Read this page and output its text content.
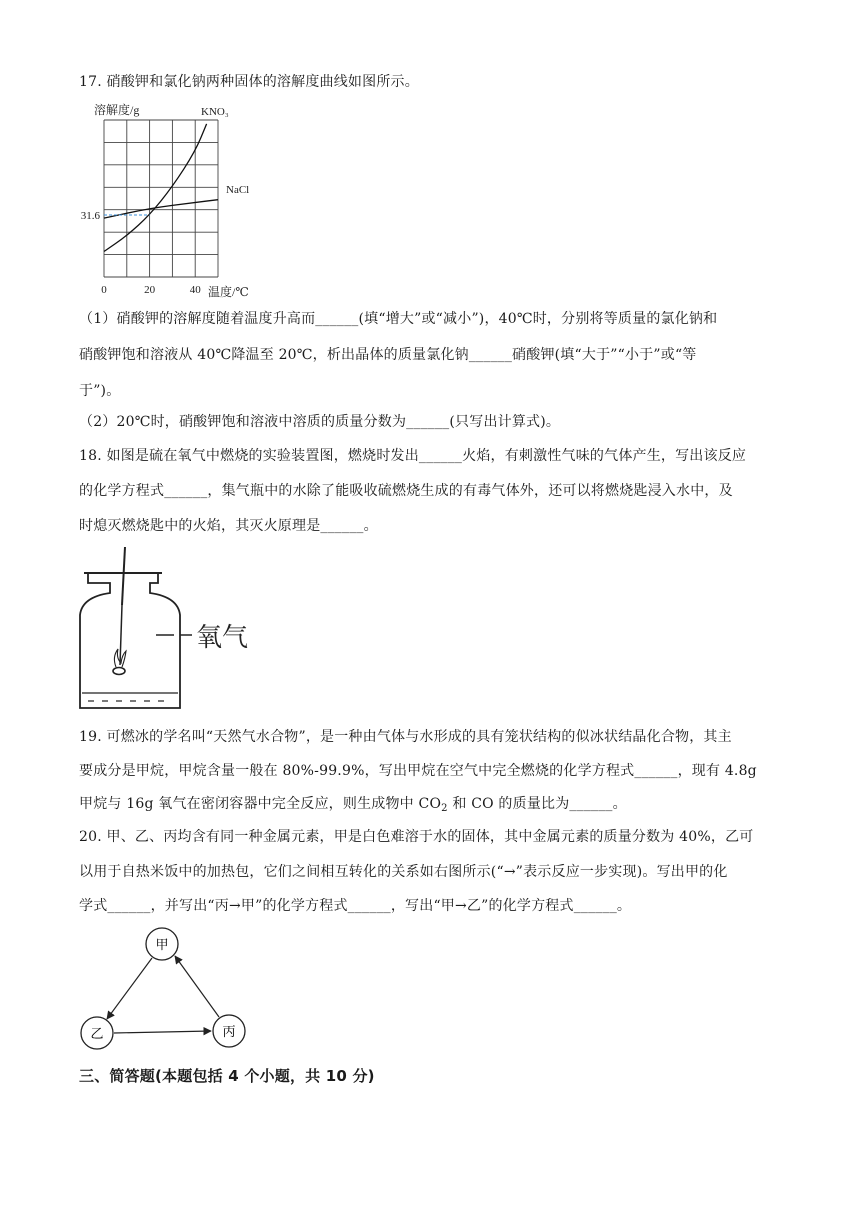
17. 硝酸钾和氯化钠两种固体的溶解度曲线如图所示。
溶解度/g	KNO₃
NaCl
31.6
0	20	40 温度/℃
（1）硝酸钾的溶解度随着温度升高而______(填“增大”或“减小”)，40℃时，分别将等质量的氯化钠和
硝酸钾饱和溶液从 40℃降温至 20℃，析出晶体的质量氯化钠______硝酸钾(填“大于”“小于”或“等
于”)。
（2）20℃时，硝酸钾饱和溶液中溶质的质量分数为______(只写出计算式)。
18. 如图是硫在氧气中燃烧的实验装置图，燃烧时发出______火焰，有刺激性气味的气体产生，写出该反应
的化学方程式______，集气瓶中的水除了能吸收硫燃烧生成的有毒气体外，还可以将燃烧匙浸入水中，及
时熄灭燃烧匙中的火焰，其灭火原理是______。
氧气
19. 可燃冰的学名叫“天然气水合物”，是一种由气体与水形成的具有笼状结构的似冰状结晶化合物，其主
要成分是甲烷，甲烷含量一般在 80%-99.9%，写出甲烷在空气中完全燃烧的化学方程式______，现有 4.8g
甲烷与 16g 氧气在密闭容器中完全反应，则生成物中 $CO_2$ 和 CO 的质量比为______。
20. 甲、乙、丙均含有同一种金属元素，甲是白色难溶于水的固体，其中金属元素的质量分数为 40%，乙可
以用于自热米饭中的加热包，它们之间相互转化的关系如右图所示(“→”表示反应一步实现)。写出甲的化
学式______，并写出“丙→甲”的化学方程式______，写出“甲→乙”的化学方程式______。
甲
乙	丙
三、简答题(本题包括 4 个小题，共 10 分)
